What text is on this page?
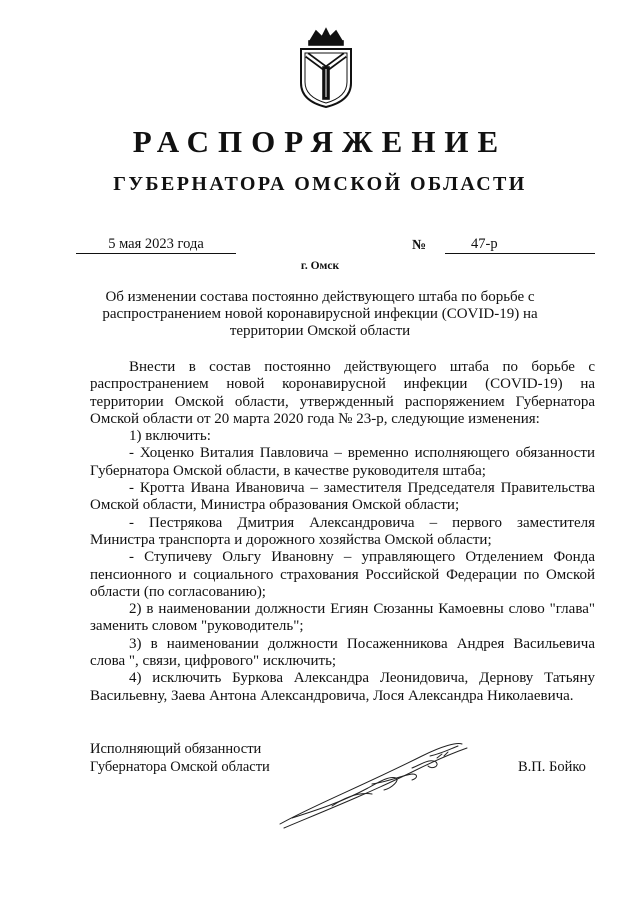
РАСПОРЯЖЕНИЕ
ГУБЕРНАТОРА ОМСКОЙ ОБЛАСТИ
5 мая 2023 года	№	47-р
г. Омск
Об изменении состава постоянно действующего штаба по борьбе с распространением новой коронавирусной инфекции (COVID-19) на территории Омской области

Внести в состав постоянно действующего штаба по борьбе с распространением новой коронавирусной инфекции (COVID-19) на территории Омской области, утвержденный распоряжением Губернатора Омской области от 20 марта 2020 года № 23-р, следующие изменения:

1) включить:

- Хоценко Виталия Павловича – временно исполняющего обязанности Губернатора Омской области, в качестве руководителя штаба;

- Кротта Ивана Ивановича – заместителя Председателя Правительства Омской области, Министра образования Омской области;

- Пестрякова Дмитрия Александровича – первого заместителя Министра транспорта и дорожного хозяйства Омской области;

- Ступичеву Ольгу Ивановну – управляющего Отделением Фонда пенсионного и социального страхования Российской Федерации по Омской области (по согласованию);

2) в наименовании должности Егиян Сюзанны Камоевны слово "глава" заменить словом "руководитель";

3) в наименовании должности Посаженникова Андрея Васильевича слова ", связи, цифрового" исключить;

4) исключить Буркова Александра Леонидовича, Дернову Татьяну Васильевну, Заева Антона Александровича, Лося Александра Николаевича.

Исполняющий обязанности
Губернатора Омской области	В.П. Бойко
